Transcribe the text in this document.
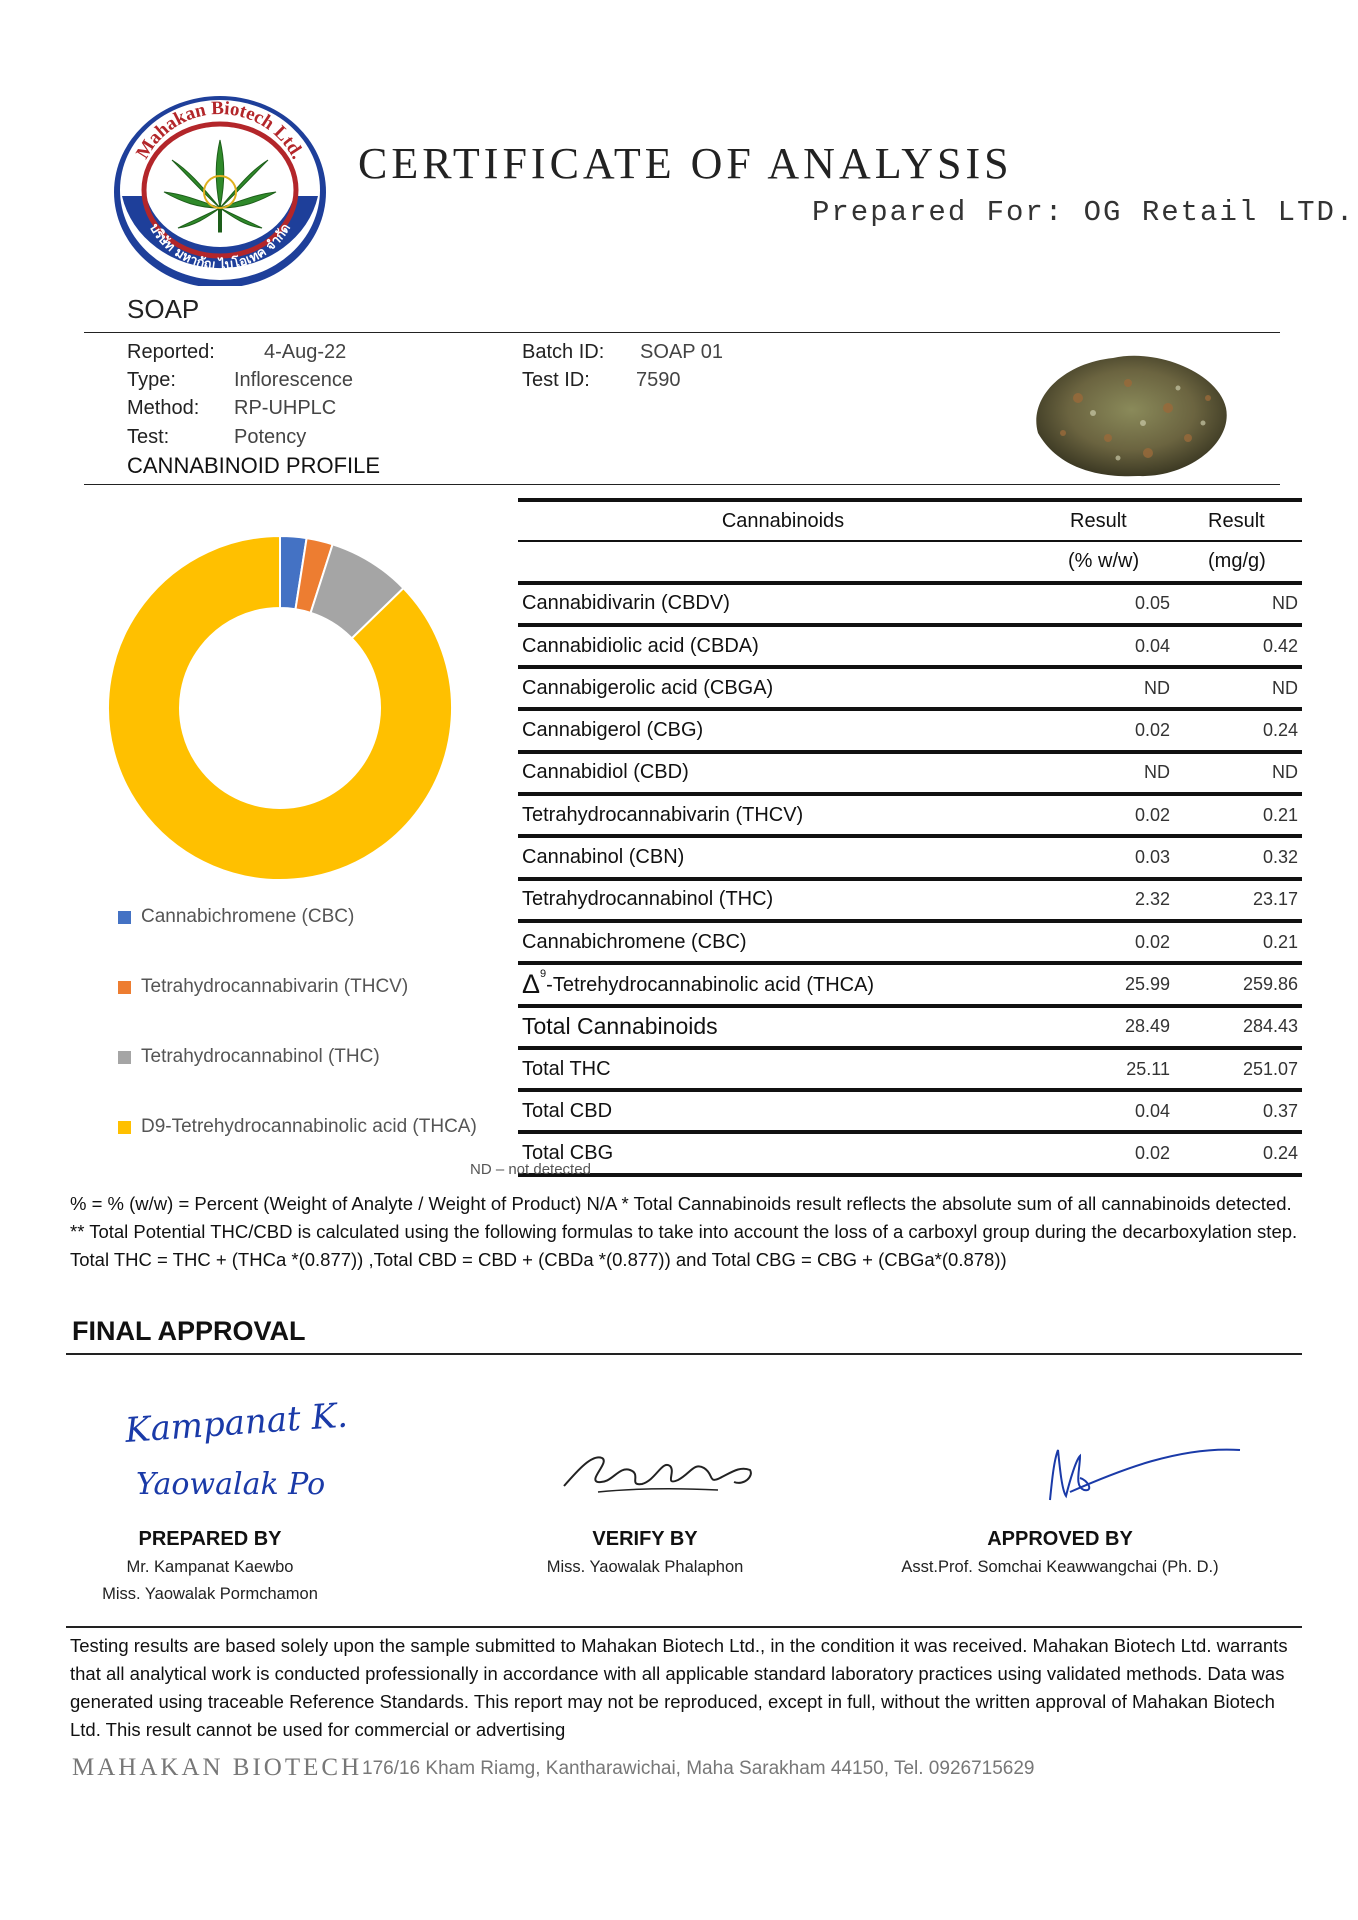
Mahakan Biotech Ltd.
บริษัท มหากัญ ไบโอเทค จำกัด
CERTIFICATE OF ANALYSIS
Prepared For: OG Retail LTD.
SOAP
Reported: 4-Aug-22
Type:	Inflorescence
Method: RP-UHPLC
Test:	Potency
CANNABINOID PROFILE
Batch ID: SOAP 01
Test ID: 7590
Cannabichromene (CBC)
Tetrahydrocannabivarin (THCV)
Tetrahydrocannabinol (THC)
D9-Tetrehydrocannabinolic acid (THCA)
Cannabinoids	Result	Result
	(% w/w)	(mg/g)
Cannabidivarin (CBDV)	0.05	ND
Cannabidiolic acid (CBDA)	0.04	0.42
Cannabigerolic acid (CBGA)	ND	ND
Cannabigerol (CBG)	0.02	0.24
Cannabidiol (CBD)	ND	ND
Tetrahydrocannabivarin (THCV)	0.02	0.21
Cannabinol (CBN)	0.03	0.32
Tetrahydrocannabinol (THC)	2.32	23.17
Cannabichromene (CBC)	0.02	0.21
$\Delta^9$-Tetrehydrocannabinolic acid (THCA)	25.99	259.86
Total Cannabinoids	28.49	284.43
Total THC	25.11	251.07
Total CBD	0.04	0.37
Total CBG	0.02	0.24
ND – not detected
% = % (w/w) = Percent (Weight of Analyte / Weight of Product) N/A * Total Cannabinoids result reflects the absolute sum of all cannabinoids detected. ** Total Potential THC/CBD is calculated using the following formulas to take into account the loss of a carboxyl group during the decarboxylation step. Total THC = THC + (THCa *(0.877)) ,Total CBD = CBD + (CBDa *(0.877)) and Total CBG = CBG + (CBGa*(0.878))
FINAL APPROVAL
Kampanat K.
Yaowalak Po
PREPARED BY
Mr. Kampanat Kaewbo
Miss. Yaowalak Pormchamon
VERIFY BY
Miss. Yaowalak Phalaphon
APPROVED BY
Asst.Prof. Somchai Keawwangchai (Ph. D.)
Testing results are based solely upon the sample submitted to Mahakan Biotech Ltd., in the condition it was received. Mahakan Biotech Ltd. warrants that all analytical work is conducted professionally in accordance with all applicable standard laboratory practices using validated methods. Data was generated using traceable Reference Standards. This report may not be reproduced, except in full, without the written approval of Mahakan Biotech Ltd. This result cannot be used for commercial or advertising
MAHAKAN BIOTECH 176/16 Kham Riamg, Kantharawichai, Maha Sarakham 44150, Tel. 0926715629
